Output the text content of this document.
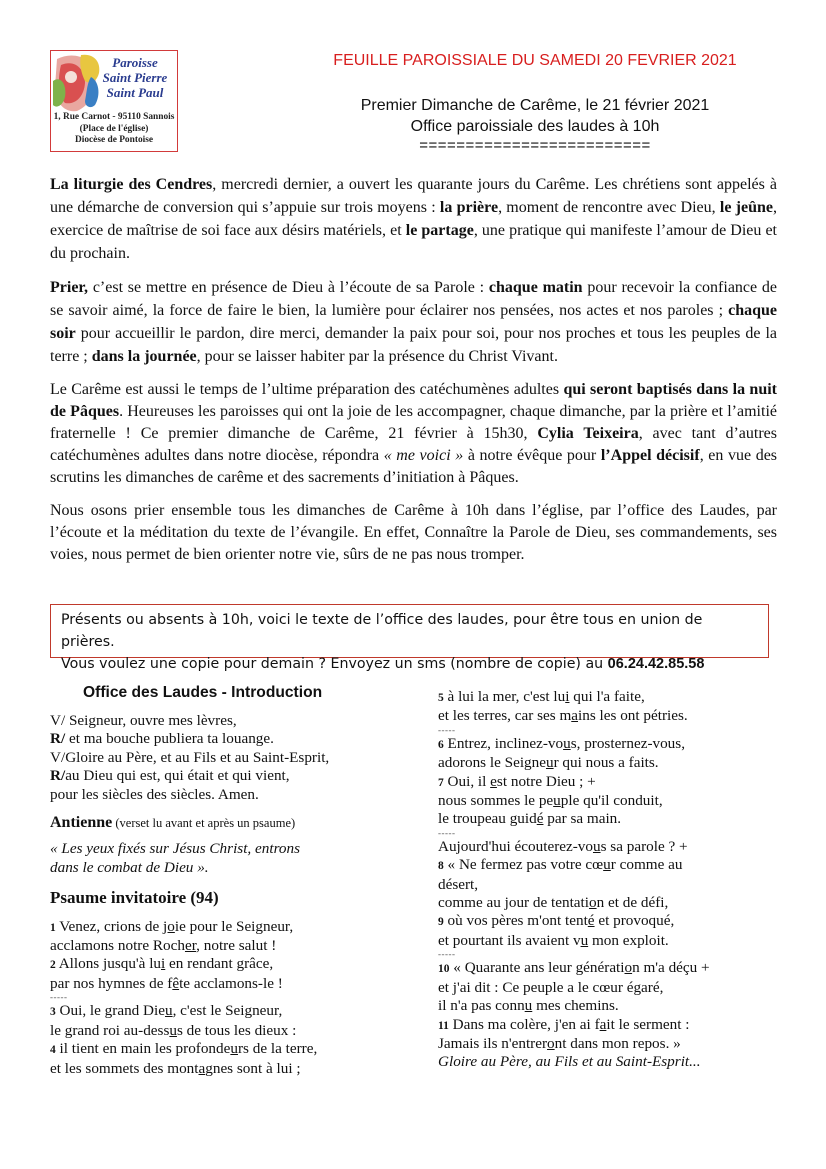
Paroisse
Saint Pierre
Saint Paul
1, Rue Carnot - 95110 Sannois
(Place de l'église)
Diocèse de Pontoise
FEUILLE PAROISSIALE DU SAMEDI 20 FEVRIER 2021
Premier Dimanche de Carême, le 21 février 2021
Office paroissiale des laudes à 10h
=========================

La liturgie des Cendres, mercredi dernier, a ouvert les quarante jours du Carême. Les chrétiens sont appelés à une démarche de conversion qui s’appuie sur trois moyens : la prière, moment de rencontre avec Dieu, le jeûne, exercice de maîtrise de soi face aux désirs matériels, et le partage, une pratique qui manifeste l’amour de Dieu et du prochain.

Prier, c’est se mettre en présence de Dieu à l’écoute de sa Parole : chaque matin pour recevoir la confiance de se savoir aimé, la force de faire le bien, la lumière pour éclairer nos pensées, nos actes et nos paroles ; chaque soir pour accueillir le pardon, dire merci, demander la paix pour soi, pour nos proches et tous les peuples de la terre ; dans la journée, pour se laisser habiter par la présence du Christ Vivant.

Le Carême est aussi le temps de l’ultime préparation des catéchumènes adultes qui seront baptisés dans la nuit de Pâques. Heureuses les paroisses qui ont la joie de les accompagner, chaque dimanche, par la prière et l’amitié fraternelle ! Ce premier dimanche de Carême, 21 février à 15h30, Cylia Teixeira, avec tant d’autres catéchumènes adultes dans notre diocèse, répondra « me voici » à notre évêque pour l’Appel décisif, en vue des scrutins les dimanches de carême et des sacrements d’initiation à Pâques.

Nous osons prier ensemble tous les dimanches de Carême à 10h dans l’église, par l’office des Laudes, par l’écoute et la méditation du texte de l’évangile. En effet, Connaître la Parole de Dieu, ses commandements, ses voies, nous permet de bien orienter notre vie, sûrs de ne pas nous tromper.

Présents ou absents à 10h, voici le texte de l’office des laudes, pour être tous en union de prières.
Vous voulez une copie pour demain ? Envoyez un sms (nombre de copie) au 06.24.42.85.58
Office des Laudes - Introduction
V/ Seigneur, ouvre mes lèvres,
R/ et ma bouche publiera ta louange.
V/Gloire au Père, et au Fils et au Saint-Esprit,
R/au Dieu qui est, qui était et qui vient,
pour les siècles des siècles. Amen.
Antienne (verset lu avant et après un psaume)
« Les yeux fixés sur Jésus Christ, entrons
dans le combat de Dieu ».
Psaume invitatoire (94)
1 Venez, crions de joie pour le Seigneur,
acclamons notre Rocher, notre salut !
2 Allons jusqu'à lui en rendant grâce,
par nos hymnes de fête acclamons-le !
-----
3 Oui, le grand Dieu, c'est le Seigneur,
le grand roi au-dessus de tous les dieux :
4 il tient en main les profondeurs de la terre,
et les sommets des montagnes sont à lui ;
5 à lui la mer, c'est lui qui l'a faite,
et les terres, car ses mains les ont pétries.
-----
6 Entrez, inclinez-vous, prosternez-vous,
adorons le Seigneur qui nous a faits.
7 Oui, il est notre Dieu ; +
nous sommes le peuple qu'il conduit,
le troupeau guidé par sa main.
-----
Aujourd'hui écouterez-vous sa parole ? +
8 « Ne fermez pas votre cœur comme au
désert,
comme au jour de tentation et de défi,
9 où vos pères m'ont tenté et provoqué,
et pourtant ils avaient vu mon exploit.
-----
10 « Quarante ans leur génération m'a déçu +
et j'ai dit : Ce peuple a le cœur égaré,
il n'a pas connu mes chemins.
11 Dans ma colère, j'en ai fait le serment :
Jamais ils n'entreront dans mon repos. »
Gloire au Père, au Fils et au Saint-Esprit...
